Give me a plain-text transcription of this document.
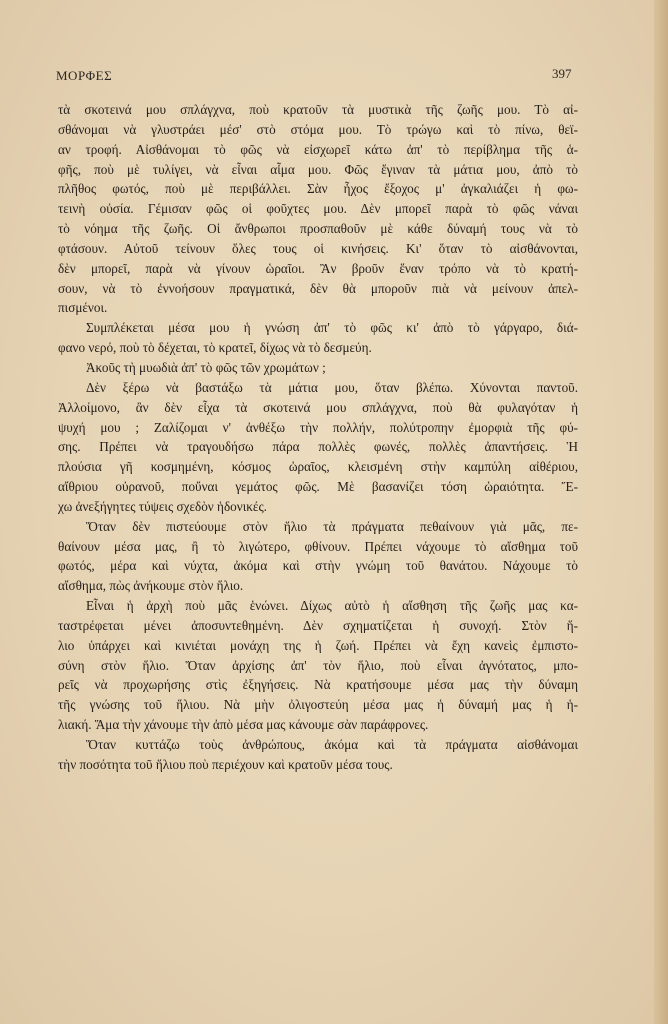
ΜΟΡΦΕΣ	397
τὰ σκοτεινά μου σπλάγχνα, ποὺ κρατοῦν τὰ μυστικὰ τῆς ζωῆς μου. Τὸ αἰ-
σθάνομαι νὰ γλυστράει μέσ' στὸ στόμα μου. Τὸ τρώγω καὶ τὸ πίνω, θεϊ-
αν τροφή. Αἰσθάνομαι τὸ φῶς νὰ εἰσχωρεῖ κάτω ἀπ' τὸ περίβλημα τῆς ἁ-
φῆς, ποὺ μὲ τυλίγει, νὰ εἶναι αἷμα μου. Φῶς ἔγιναν τὰ μάτια μου, ἀπὸ τὸ
πλῆθος φωτός, ποὺ μὲ περιβάλλει. Σὰν ἦχος ἔξοχος μ' ἀγκαλιάζει ἡ φω-
τεινὴ οὐσία. Γέμισαν φῶς οἱ φοῦχτες μου. Δὲν μπορεῖ παρὰ τὸ φῶς νάναι
τὸ νόημα τῆς ζωῆς. Οἱ ἄνθρωποι προσπαθοῦν μὲ κάθε δύναμή τους νὰ τὸ
φτάσουν. Αὐτοῦ τείνουν ὅλες τους οἱ κινήσεις. Κι' ὅταν τὸ αἰσθάνονται,
δὲν μπορεῖ, παρὰ νὰ γίνουν ὡραῖοι. Ἂν βροῦν ἕναν τρόπο νὰ τὸ κρατή-
σουν, νὰ τὸ ἐννοήσουν πραγματικά, δὲν θὰ μποροῦν πιὰ νὰ μείνουν ἀπελ-
πισμένοι.
Συμπλέκεται μέσα μου ἡ γνώση ἀπ' τὸ φῶς κι' ἀπὸ τὸ γάργαρο, διά-
φανο νερό, ποὺ τὸ δέχεται, τὸ κρατεῖ, δίχως νὰ τὸ δεσμεύη.
Ἀκοῦς τὴ μυωδιὰ ἀπ' τὸ φῶς τῶν χρωμάτων ;
Δὲν ξέρω νὰ βαστάξω τὰ μάτια μου, ὅταν βλέπω. Χύνονται παντοῦ.
Ἀλλοίμονο, ἂν δὲν εἶχα τὰ σκοτεινά μου σπλάγχνα, ποὺ θὰ φυλαγόταν ἡ
ψυχή μου ; Ζαλίζομαι ν' ἀνθέξω τὴν πολλήν, πολύτροπην ἐμορφιὰ τῆς φύ-
σης. Πρέπει νὰ τραγουδήσω πάρα πολλὲς φωνές, πολλὲς ἀπαντήσεις. Ἡ
πλούσια γῆ κοσμημένη, κόσμος ὡραῖος, κλεισμένη στὴν καμπύλη αἰθέριου,
αἴθριου οὐρανοῦ, ποὔναι γεμάτος φῶς. Μὲ βασανίζει τόση ὡραιότητα. Ἔ-
χω ἀνεξήγητες τύψεις σχεδὸν ἡδονικές.
Ὅταν δὲν πιστεύουμε στὸν ἥλιο τὰ πράγματα πεθαίνουν γιὰ μᾶς, πε-
θαίνουν μέσα μας, ἢ τὸ λιγώτερο, φθίνουν. Πρέπει νάχουμε τὸ αἴσθημα τοῦ
φωτός, μέρα καὶ νύχτα, ἀκόμα καὶ στὴν γνώμη τοῦ θανάτου. Νάχουμε τὸ
αἴσθημα, πὼς ἀνήκουμε στὸν ἥλιο.
Εἶναι ἡ ἀρχὴ ποὺ μᾶς ἑνώνει. Δίχως αὐτὸ ἡ αἴσθηση τῆς ζωῆς μας κα-
ταστρέφεται μένει ἀποσυντεθημένη. Δὲν σχηματίζεται ἡ συνοχή. Στὸν ἥ-
λιο ὑπάρχει καὶ κινιέται μονάχη της ἡ ζωή. Πρέπει νὰ ἔχη κανεὶς ἐμπιστο-
σύνη στὸν ἥλιο. Ὅταν ἀρχίσης ἀπ' τὸν ἥλιο, ποὺ εἶναι ἀγνότατος, μπο-
ρεῖς νὰ προχωρήσης στὶς ἐξηγήσεις. Νὰ κρατήσουμε μέσα μας τὴν δύναμη
τῆς γνώσης τοῦ ἥλιου. Νὰ μὴν ὀλιγοστεύη μέσα μας ἡ δύναμή μας ἡ ἡ-
λιακή. Ἅμα τὴν χάνουμε τὴν ἀπὸ μέσα μας κάνουμε σὰν παράφρονες.
Ὅταν κυττάζω τοὺς ἀνθρώπους, ἀκόμα καὶ τὰ πράγματα αἰσθάνομαι
τὴν ποσότητα τοῦ ἥλιου ποὺ περιέχουν καὶ κρατοῦν μέσα τους.
